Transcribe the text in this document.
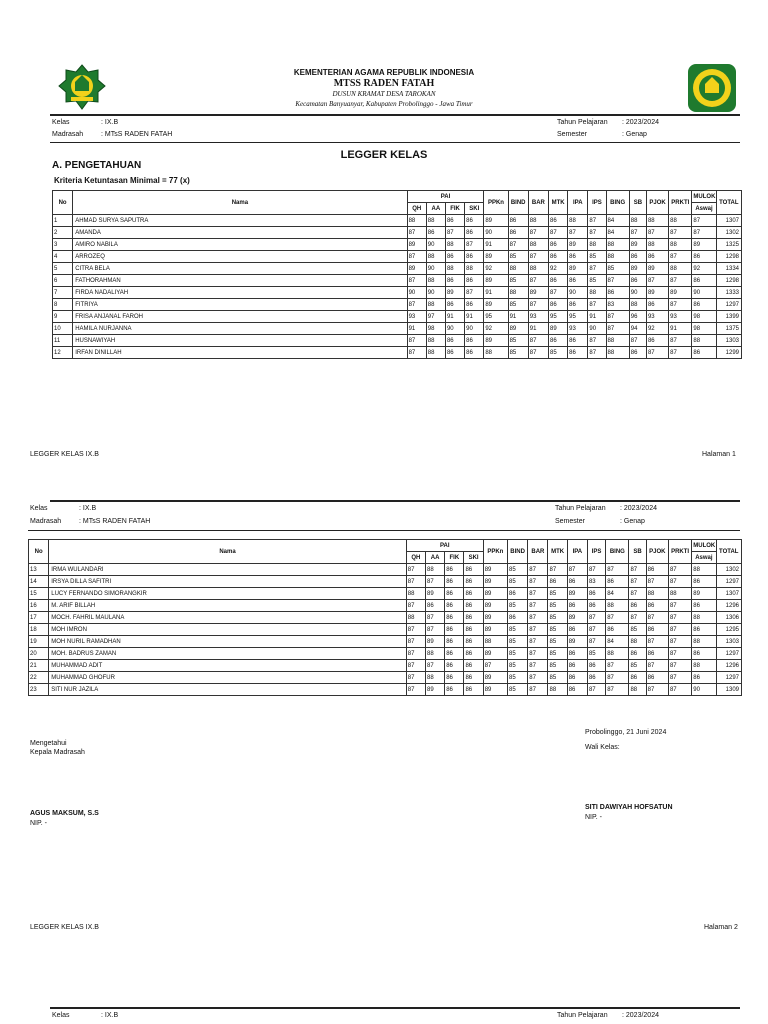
KEMENTERIAN AGAMA REPUBLIK INDONESIA
MTSS RADEN FATAH
DUSUN KRAMAT DESA TAROKAN
Kecamatan Banyuanyar, Kabupaten Probolinggo - Jawa Timur
Kelas	: IX.B
Madrasah	: MTsS RADEN FATAH
Tahun Pelajaran : 2023/2024
Semester	: Genap
LEGGER KELAS
A. PENGETAHUAN
Kriteria Ketuntasan Minimal = 77 (x)
No	Nama	PAI				PPKn	BIND	BAR	MTK	IPA	IPS	BING	SB	PJOK	PRKTI	MULOK	TOTAL
		QH	AA	FIK	SKI											Aswaj	
1	AHMAD SURYA SAPUTRA	88	88	86	86	89	86	88	86	88	87	84	88	88	88	87	1307
2	AMANDA	87	86	87	86	90	86	87	87	87	87	84	87	87	87	87	1302
3	AMIRO NABILA	89	90	88	87	91	87	88	86	89	88	88	89	88	88	89	1325
4	ARROZEQ	87	88	86	86	89	85	87	86	86	85	88	86	86	87	86	1298
5	CITRA BELA	89	90	88	88	92	88	88	92	89	87	85	89	89	88	92	1334
6	FATHORAHMAN	87	88	86	86	89	85	87	86	86	85	87	86	87	87	86	1298
7	FIRDA NADALIYAH	90	90	89	87	91	88	89	87	90	88	86	90	89	89	90	1333
8	FITRIYA	87	88	86	86	89	85	87	86	86	87	83	88	86	87	86	1297
9	FRISA ANJANAL FAROH	93	97	91	91	95	91	93	95	95	91	87	96	93	93	98	1399
10	HAMILA NURJANNA	91	98	90	90	92	89	91	89	93	90	87	94	92	91	98	1375
11	HUSNAWIYAH	87	88	86	86	89	85	87	86	86	87	88	87	86	87	88	1303
12	IRFAN DINILLAH	87	88	86	86	88	85	87	85	86	87	88	86	87	87	86	1299
LEGGER KELAS IX.B	Halaman 1
Kelas	: IX.B
Madrasah	: MTsS RADEN FATAH
Tahun Pelajaran : 2023/2024
Semester	: Genap
No	Nama	PAI				PPKn	BIND	BAR	MTK	IPA	IPS	BING	SB	PJOK	PRKTI	MULOK	TOTAL
		QH	AA	FIK	SKI											Aswaj	
13	IRMA WULANDARI	87	88	86	86	89	85	87	87	87	87	87	87	86	87	88	1302
14	IRSYA DILLA SAFITRI	87	87	86	86	89	85	87	86	86	83	86	87	87	87	86	1297
15	LUCY FERNANDO SIMORANGKIR	88	89	86	86	89	86	87	85	89	86	84	87	88	88	89	1307
16	M. ARIF BILLAH	87	86	86	86	89	85	87	85	86	86	88	86	86	87	86	1296
17	MOCH. FAHRIL MAULANA	88	87	86	86	89	86	87	85	89	87	87	87	87	87	88	1306
18	MOH IMRON	87	87	86	86	89	85	87	85	86	87	86	85	86	87	86	1295
19	MOH NURIL RAMADHAN	87	89	86	86	88	85	87	85	89	87	84	88	87	87	88	1303
20	MOH. BADRUS ZAMAN	87	88	86	86	89	85	87	85	86	85	88	86	86	87	86	1297
21	MUHAMMAD ADIT	87	87	86	86	87	85	87	85	86	86	87	85	87	87	88	1296
22	MUHAMMAD GHOFUR	87	88	86	86	89	85	87	85	86	86	87	86	86	87	86	1297
23	SITI NUR JAZILA	87	89	86	86	89	85	87	88	86	87	87	88	87	87	90	1309
Mengetahui
Kepala Madrasah
AGUS MAKSUM, S.S
NIP. -
Probolinggo, 21 Juni 2024
Wali Kelas:
SITI DAWIYAH HOFSATUN
NIP. -
LEGGER KELAS IX.B	Halaman 2
Kelas	: IX.B	Tahun Pelajaran : 2023/2024
